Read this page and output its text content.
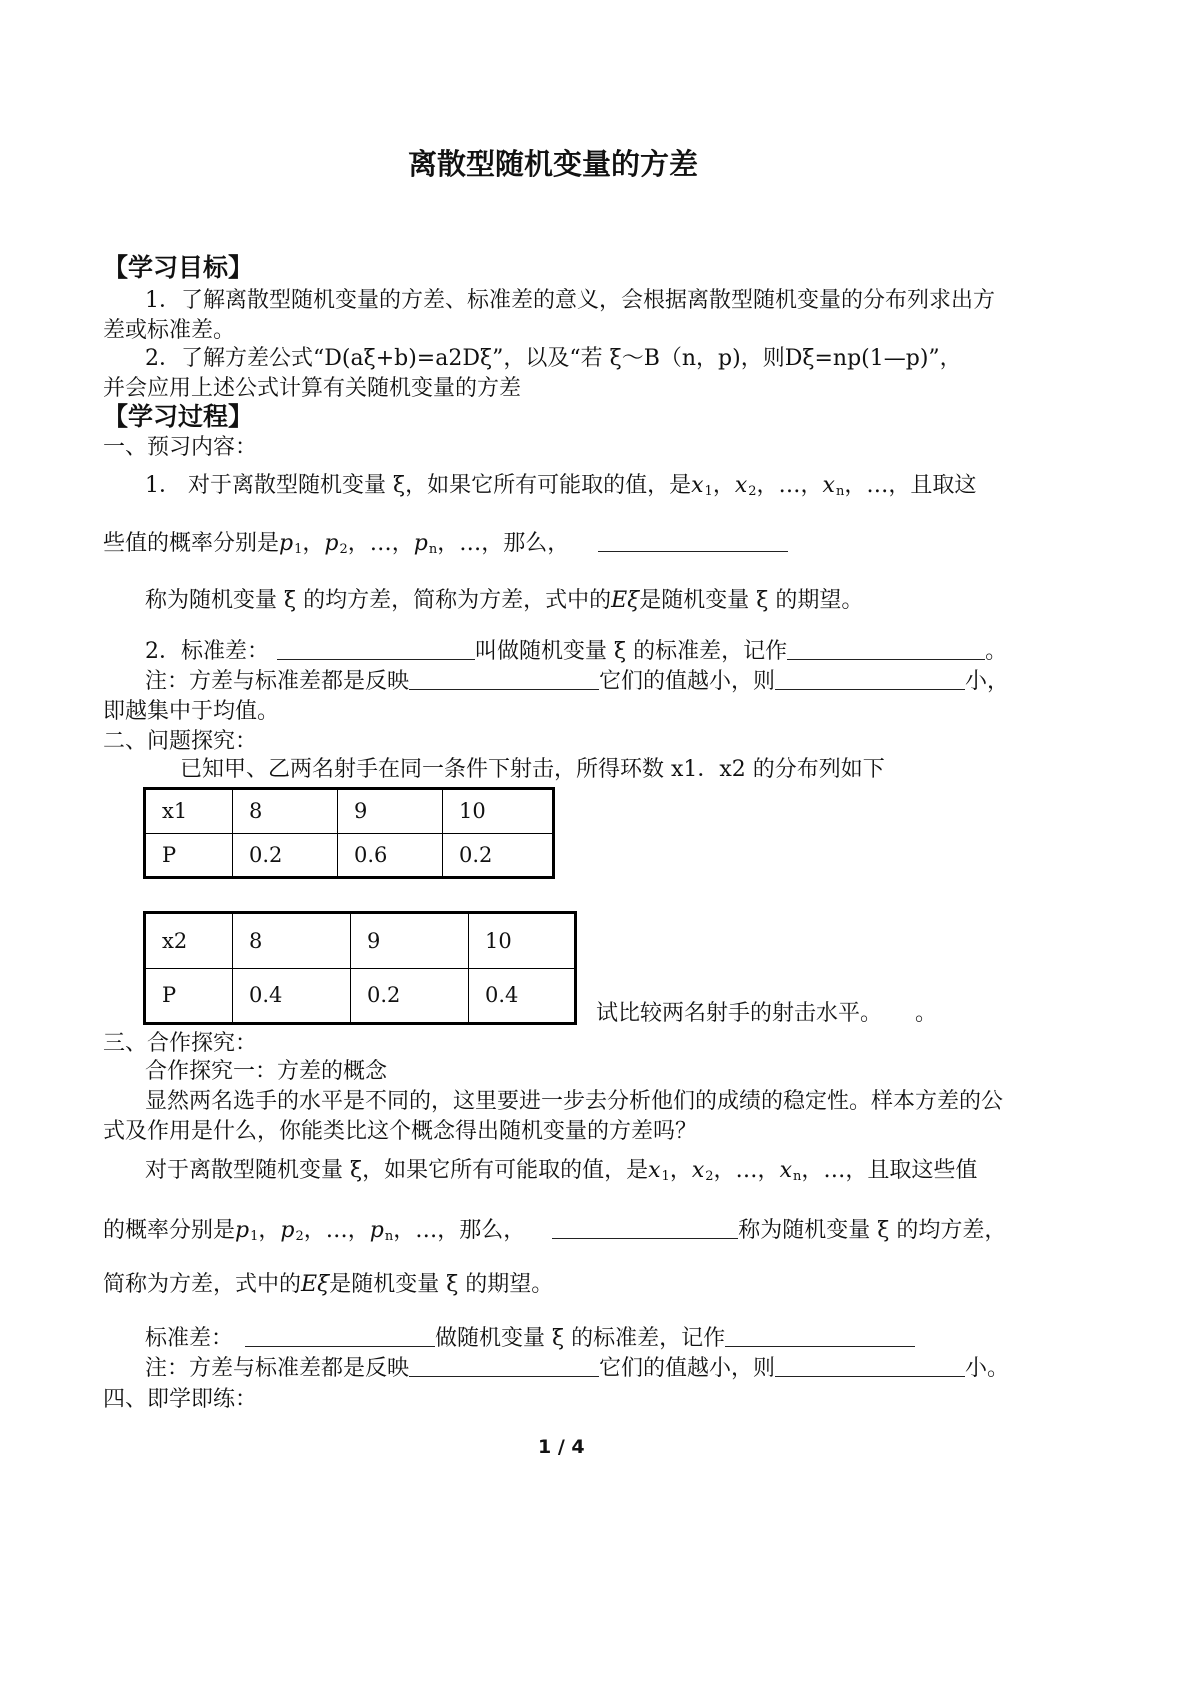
离散型随机变量的方差
【学习目标】
1．了解离散型随机变量的方差、标准差的意义，会根据离散型随机变量的分布列求出方
差或标准差。
2．了解方差公式“D(aξ+b)=a2Dξ”，以及“若 ξ～B（n，p)，则Dξ=np(1—p)”，
并会应用上述公式计算有关随机变量的方差
【学习过程】
一、预习内容：
1． 对于离散型随机变量 ξ，如果它所有可能取的值，是$x_1$，$x_2$，…，$x_n$，…，且取这
些值的概率分别是$p_1$，$p_2$，…，$p_n$，…，那么，
称为随机变量 ξ 的均方差，简称为方差，式中的Eξ是随机变量 ξ 的期望。
2．标准差：	叫做随机变量 ξ 的标准差，记作	。
注：方差与标准差都是反映	它们的值越小，则	小，
即越集中于均值。
二、问题探究：
已知甲、乙两名射手在同一条件下射击，所得环数 x1．x2 的分布列如下
x1	8	9	10
P	0.2	0.6	0.2
x2	8	9	10
P	0.4	0.2	0.4
试比较两名射手的射击水平。 。
三、合作探究：
合作探究一：方差的概念
显然两名选手的水平是不同的，这里要进一步去分析他们的成绩的稳定性。样本方差的公
式及作用是什么，你能类比这个概念得出随机变量的方差吗？
对于离散型随机变量 ξ，如果它所有可能取的值，是$x_1$，$x_2$，…，$x_n$，…，且取这些值
的概率分别是$p_1$，$p_2$，…，$p_n$，…，那么，	称为随机变量 ξ 的均方差，
简称为方差，式中的Eξ是随机变量 ξ 的期望。
标准差：	做随机变量 ξ 的标准差，记作
注：方差与标准差都是反映	它们的值越小，则	小。
四、即学即练：
1 / 4
